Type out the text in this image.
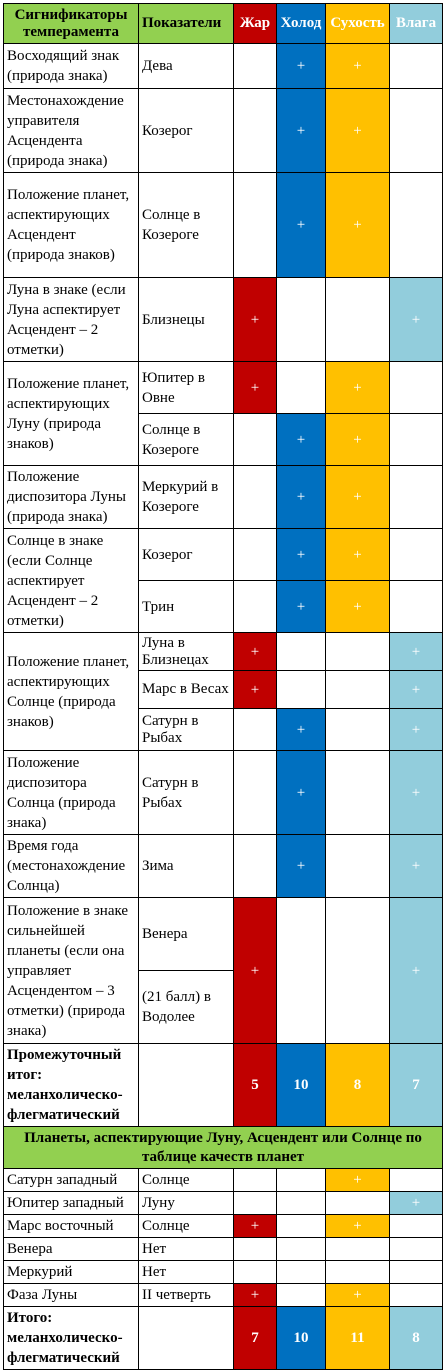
Сигнификаторы темперамента	Показатели	Жар	Холод	Сухость	Влага
Восходящий знак (природа знака)	Дева		+	+	
Местонахождение управителя Асцендента (природа знака)	Козерог		+	+	
Положение планет, аспектирующих Асцендент (природа знаков)	Солнце в Козероге		+	+	
Луна в знаке (если Луна аспектирует Асцендент – 2 отметки)	Близнецы	+			+
Положение планет, аспектирующих Луну (природа знаков)	Юпитер в Овне	+		+	
	Солнце в Козероге		+	+	
Положение диспозитора Луны (природа знака)	Меркурий в Козероге		+	+	
Солнце в знаке (если Солнце аспектирует Асцендент – 2 отметки)	Козерог		+	+	
	Трин		+	+	
Положение планет, аспектирующих Солнце (природа знаков)	Луна в Близнецах	+			+
	Марс в Весах	+			+
	Сатурн в Рыбах		+		+
Положение диспозитора Солнца (природа знака)	Сатурн в Рыбах		+		+
Время года (местонахождение Солнца)	Зима		+		+
Положение в знаке сильнейшей планеты (если она управляет Асцендентом – 3 отметки) (природа знака)	Венера	+			+
	(21 балл) в Водолее				
Промежуточный итог: меланхолическо-флегматический		5	10	8	7
Планеты, аспектирующие Луну, Асцендент или Солнце по таблице качеств планет					
Сатурн западный	Солнце			+	
Юпитер западный	Луну				+
Марс восточный	Солнце	+		+	
Венера	Нет				
Меркурий	Нет				
Фаза Луны	II четверть	+		+	
Итого: меланхолическо-флегматический		7	10	11	8
